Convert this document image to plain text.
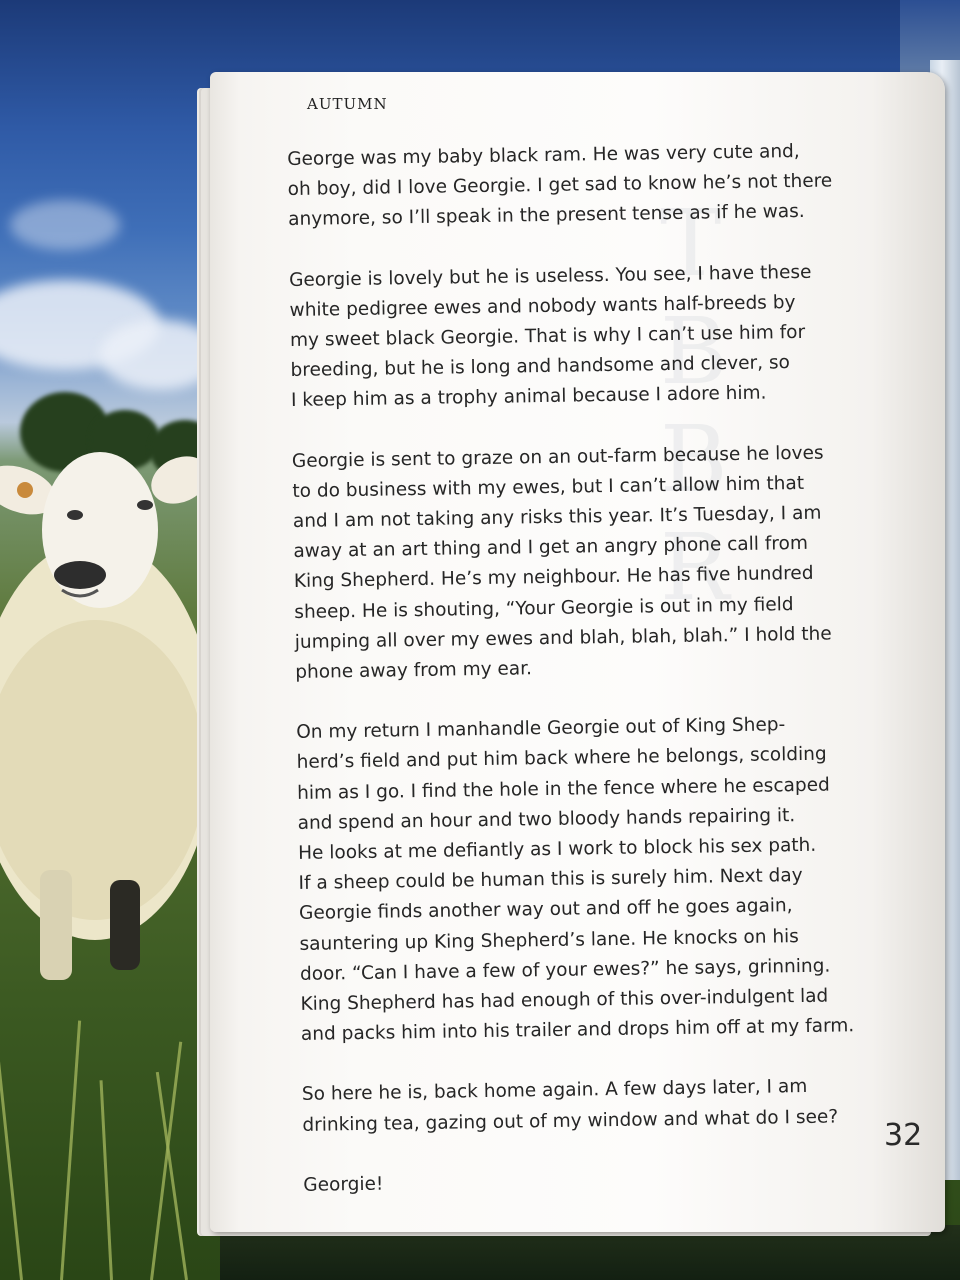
T
B
B
R
AUTUMN

George was my baby black ram. He was very cute and,
oh boy, did I love Georgie. I get sad to know he’s not there
anymore, so I’ll speak in the present tense as if he was.

Georgie is lovely but he is useless. You see, I have these
white pedigree ewes and nobody wants half-breeds by
my sweet black Georgie. That is why I can’t use him for
breeding, but he is long and handsome and clever, so
I keep him as a trophy animal because I adore him.

Georgie is sent to graze on an out-farm because he loves
to do business with my ewes, but I can’t allow him that
and I am not taking any risks this year. It’s Tuesday, I am
away at an art thing and I get an angry phone call from
King Shepherd. He’s my neighbour. He has five hundred
sheep. He is shouting, “Your Georgie is out in my field
jumping all over my ewes and blah, blah, blah.” I hold the
phone away from my ear.

On my return I manhandle Georgie out of King Shep-
herd’s field and put him back where he belongs, scolding
him as I go. I find the hole in the fence where he escaped
and spend an hour and two bloody hands repairing it.
He looks at me defiantly as I work to block his sex path.
If a sheep could be human this is surely him. Next day
Georgie finds another way out and off he goes again,
sauntering up King Shepherd’s lane. He knocks on his
door. “Can I have a few of your ewes?” he says, grinning.
King Shepherd has had enough of this over-indulgent lad
and packs him into his trailer and drops him off at my farm.

So here he is, back home again. A few days later, I am
drinking tea, gazing out of my window and what do I see?

Georgie!

32
